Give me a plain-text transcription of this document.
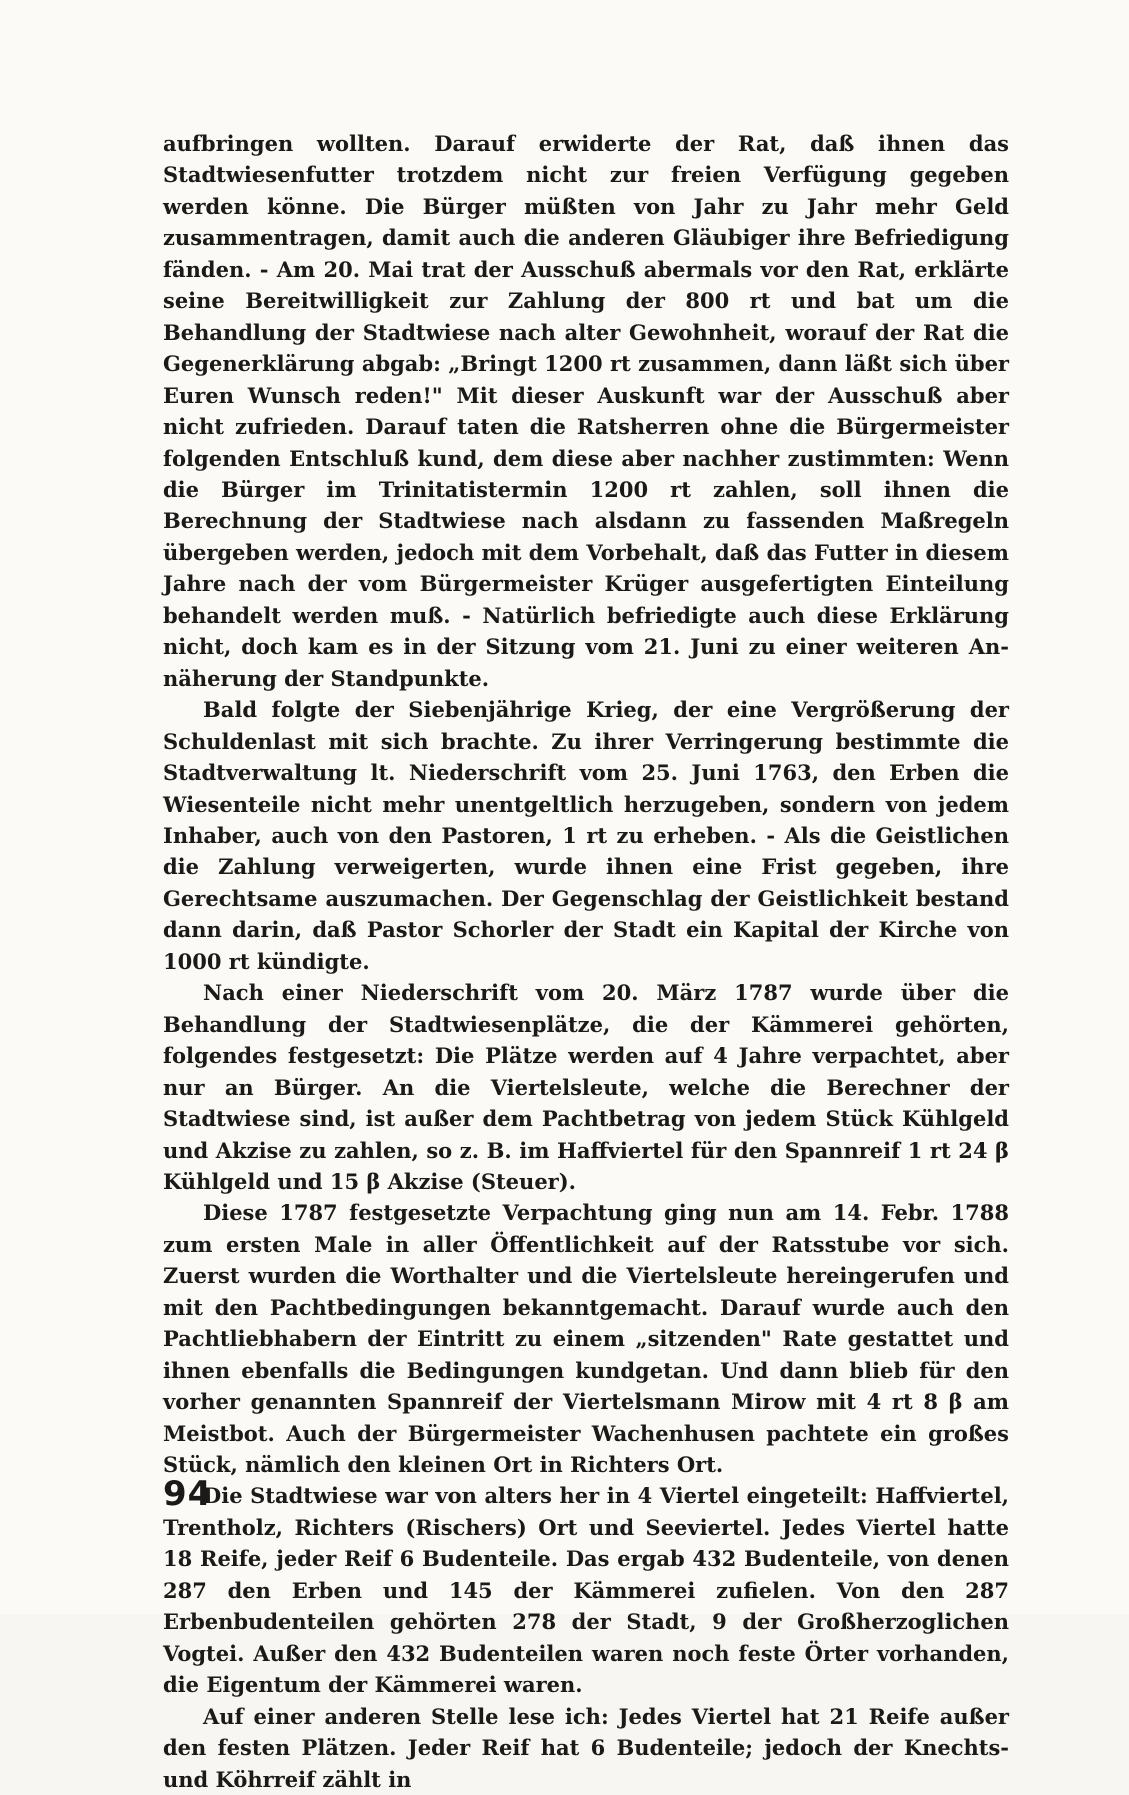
aufbringen wollten. Darauf erwiderte der Rat, daß ihnen das Stadtwiesenfutter trotzdem nicht zur freien Verfügung gegeben werden könne. Die Bürger müßten von Jahr zu Jahr mehr Geld zusammentragen, damit auch die anderen Gläubiger ihre Befriedigung fänden. - Am 20. Mai trat der Ausschuß abermals vor den Rat, erklärte seine Bereitwilligkeit zur Zahlung der 800 rt und bat um die Behandlung der Stadtwiese nach alter Gewohnheit, worauf der Rat die Gegenerklärung abgab: „Bringt 1200 rt zusammen, dann läßt sich über Euren Wunsch reden!" Mit dieser Auskunft war der Ausschuß aber nicht zufrieden. Darauf taten die Ratsherren ohne die Bürgermeister folgenden Entschluß kund, dem diese aber nachher zustimmten: Wenn die Bürger im Trinitatistermin 1200 rt zahlen, soll ihnen die Berechnung der Stadtwiese nach alsdann zu fassenden Maßregeln übergeben werden, jedoch mit dem Vorbehalt, daß das Futter in diesem Jahre nach der vom Bürgermeister Krüger ausgefertigten Einteilung behandelt werden muß. - Natürlich befriedigte auch diese Erklärung nicht, doch kam es in der Sitzung vom 21. Juni zu einer weiteren Annäherung der Standpunkte.

Bald folgte der Siebenjährige Krieg, der eine Vergrößerung der Schuldenlast mit sich brachte. Zu ihrer Verringerung bestimmte die Stadtverwaltung lt. Niederschrift vom 25. Juni 1763, den Erben die Wiesenteile nicht mehr unentgeltlich herzugeben, sondern von jedem Inhaber, auch von den Pastoren, 1 rt zu erheben. - Als die Geistlichen die Zahlung verweigerten, wurde ihnen eine Frist gegeben, ihre Gerechtsame auszumachen. Der Gegenschlag der Geistlichkeit bestand dann darin, daß Pastor Schorler der Stadt ein Kapital der Kirche von 1000 rt kündigte.

Nach einer Niederschrift vom 20. März 1787 wurde über die Behandlung der Stadtwiesenplätze, die der Kämmerei gehörten, folgendes festgesetzt: Die Plätze werden auf 4 Jahre verpachtet, aber nur an Bürger. An die Viertelsleute, welche die Berechner der Stadtwiese sind, ist außer dem Pachtbetrag von jedem Stück Kühlgeld und Akzise zu zahlen, so z. B. im Haffviertel für den Spannreif 1 rt 24 β Kühlgeld und 15 β Akzise (Steuer).

Diese 1787 festgesetzte Verpachtung ging nun am 14. Febr. 1788 zum ersten Male in aller Öffentlichkeit auf der Ratsstube vor sich. Zuerst wurden die Worthalter und die Viertelsleute hereingerufen und mit den Pachtbedingungen bekanntgemacht. Darauf wurde auch den Pachtliebhabern der Eintritt zu einem „sitzenden" Rate gestattet und ihnen ebenfalls die Bedingungen kundgetan. Und dann blieb für den vorher genannten Spannreif der Viertelsmann Mirow mit 4 rt 8 β am Meistbot. Auch der Bürgermeister Wachenhusen pachtete ein großes Stück, nämlich den kleinen Ort in Richters Ort.

Die Stadtwiese war von alters her in 4 Viertel eingeteilt: Haffviertel, Trentholz, Richters (Rischers) Ort und Seeviertel. Jedes Viertel hatte 18 Reife, jeder Reif 6 Budenteile. Das ergab 432 Budenteile, von denen 287 den Erben und 145 der Kämmerei zufielen. Von den 287 Erbenbudenteilen gehörten 278 der Stadt, 9 der Großherzoglichen Vogtei. Außer den 432 Budenteilen waren noch feste Örter vorhanden, die Eigentum der Kämmerei waren.

Auf einer anderen Stelle lese ich: Jedes Viertel hat 21 Reife außer den festen Plätzen. Jeder Reif hat 6 Budenteile; jedoch der Knechts- und Köhrreif zählt in

94
